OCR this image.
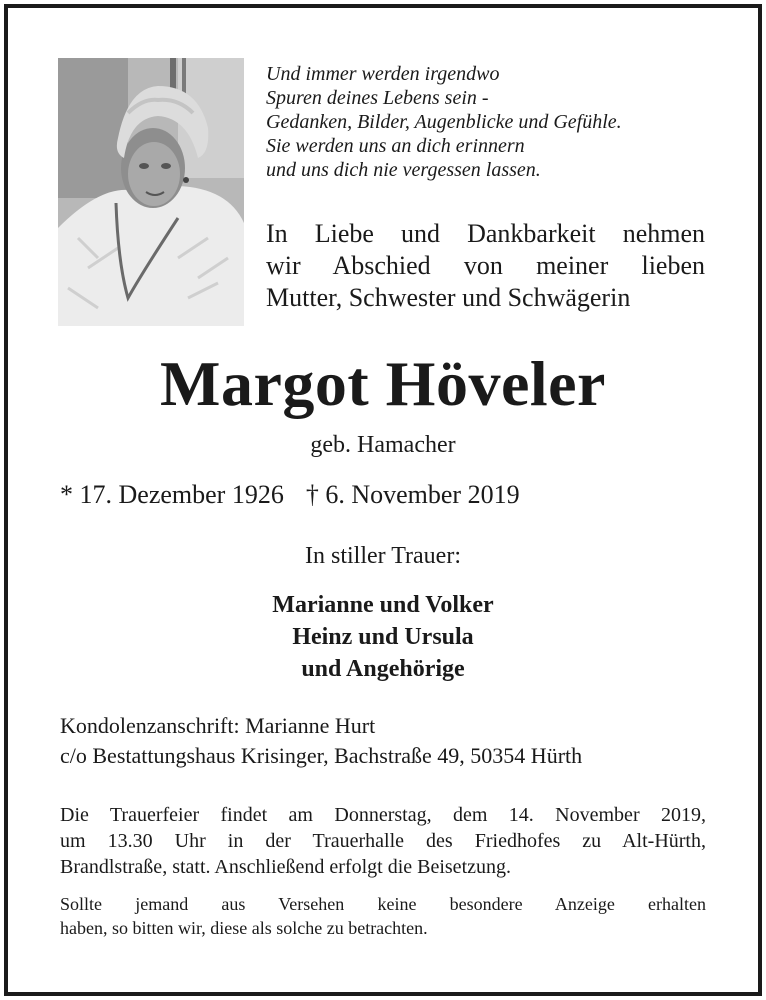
Und immer werden irgendwo
Spuren deines Lebens sein -
Gedanken, Bilder, Augenblicke und Gefühle.
Sie werden uns an dich erinnern
und uns dich nie vergessen lassen.
In Liebe und Dankbarkeit nehmen
wir Abschied von meiner lieben
Mutter, Schwester und Schwägerin
Margot Höveler
geb. Hamacher
* 17. Dezember 1926 † 6. November 2019
In stiller Trauer:
Marianne und Volker
Heinz und Ursula
und Angehörige
Kondolenzanschrift: Marianne Hurt
c/o Bestattungshaus Krisinger, Bachstraße 49, 50354 Hürth
Die Trauerfeier findet am Donnerstag, dem 14. November 2019,
um 13.30 Uhr in der Trauerhalle des Friedhofes zu Alt-Hürth,
Brandlstraße, statt. Anschließend erfolgt die Beisetzung.
Sollte jemand aus Versehen keine besondere Anzeige erhalten
haben, so bitten wir, diese als solche zu betrachten.
